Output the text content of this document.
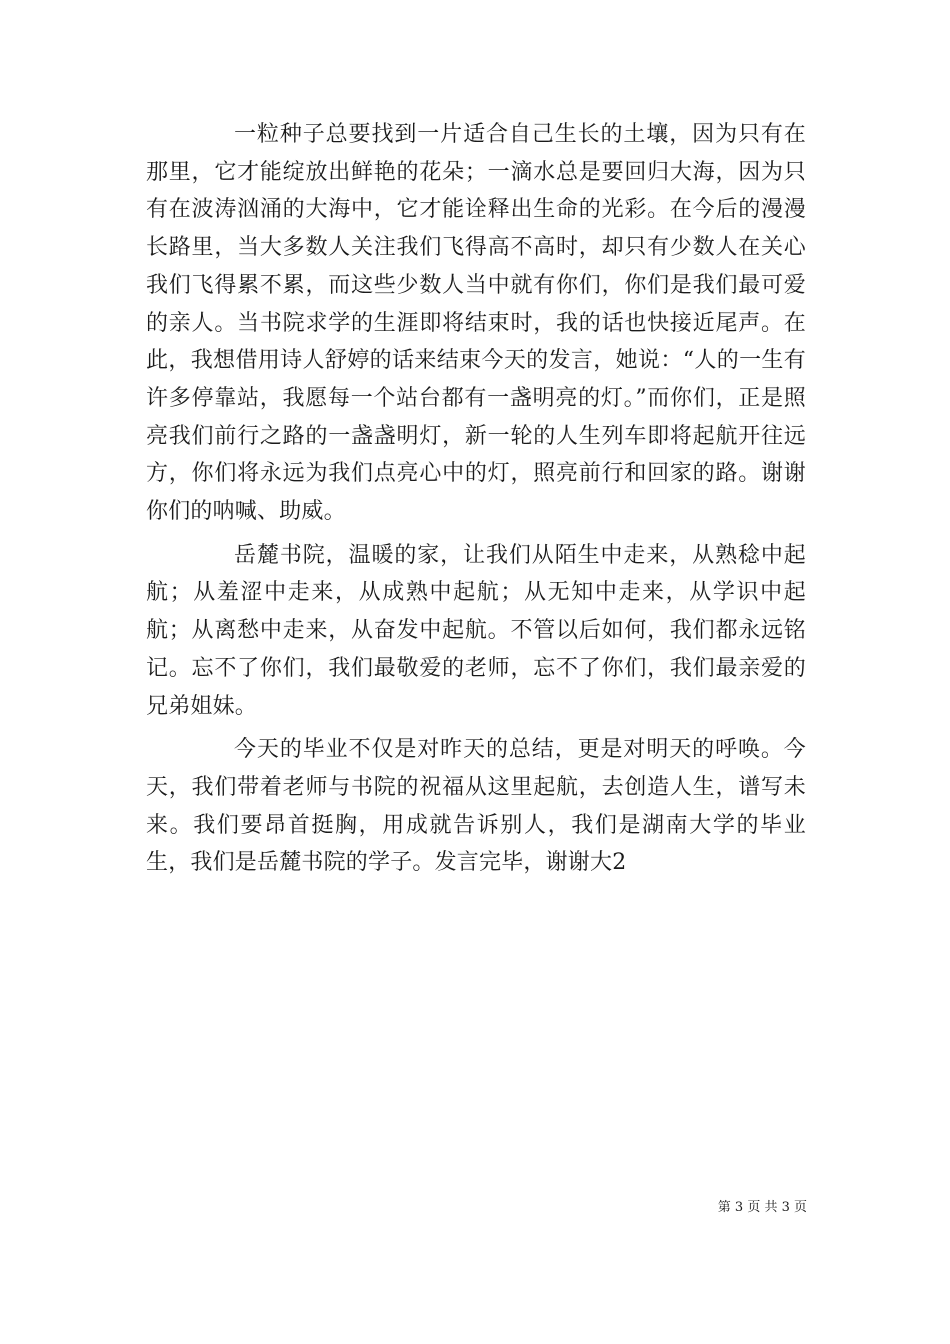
一粒种子总要找到一片适合自己生长的土壤，因为只有在那里，它才能绽放出鲜艳的花朵；一滴水总是要回归大海，因为只有在波涛汹涌的大海中，它才能诠释出生命的光彩。在今后的漫漫长路里，当大多数人关注我们飞得高不高时，却只有少数人在关心我们飞得累不累，而这些少数人当中就有你们，你们是我们最可爱的亲人。当书院求学的生涯即将结束时，我的话也快接近尾声。在此，我想借用诗人舒婷的话来结束今天的发言，她说：“人的一生有许多停靠站，我愿每一个站台都有一盏明亮的灯。”而你们，正是照亮我们前行之路的一盏盏明灯，新一轮的人生列车即将起航开往远方，你们将永远为我们点亮心中的灯，照亮前行和回家的路。谢谢你们的呐喊、助威。

岳麓书院，温暖的家，让我们从陌生中走来，从熟稔中起航；从羞涩中走来，从成熟中起航；从无知中走来，从学识中起航；从离愁中走来，从奋发中起航。不管以后如何，我们都永远铭记。忘不了你们，我们最敬爱的老师，忘不了你们，我们最亲爱的兄弟姐妹。

今天的毕业不仅是对昨天的总结，更是对明天的呼唤。今天，我们带着老师与书院的祝福从这里起航，去创造人生，谱写未来。我们要昂首挺胸，用成就告诉别人，我们是湖南大学的毕业生，我们是岳麓书院的学子。发言完毕，谢谢大2

第 3 页 共 3 页
